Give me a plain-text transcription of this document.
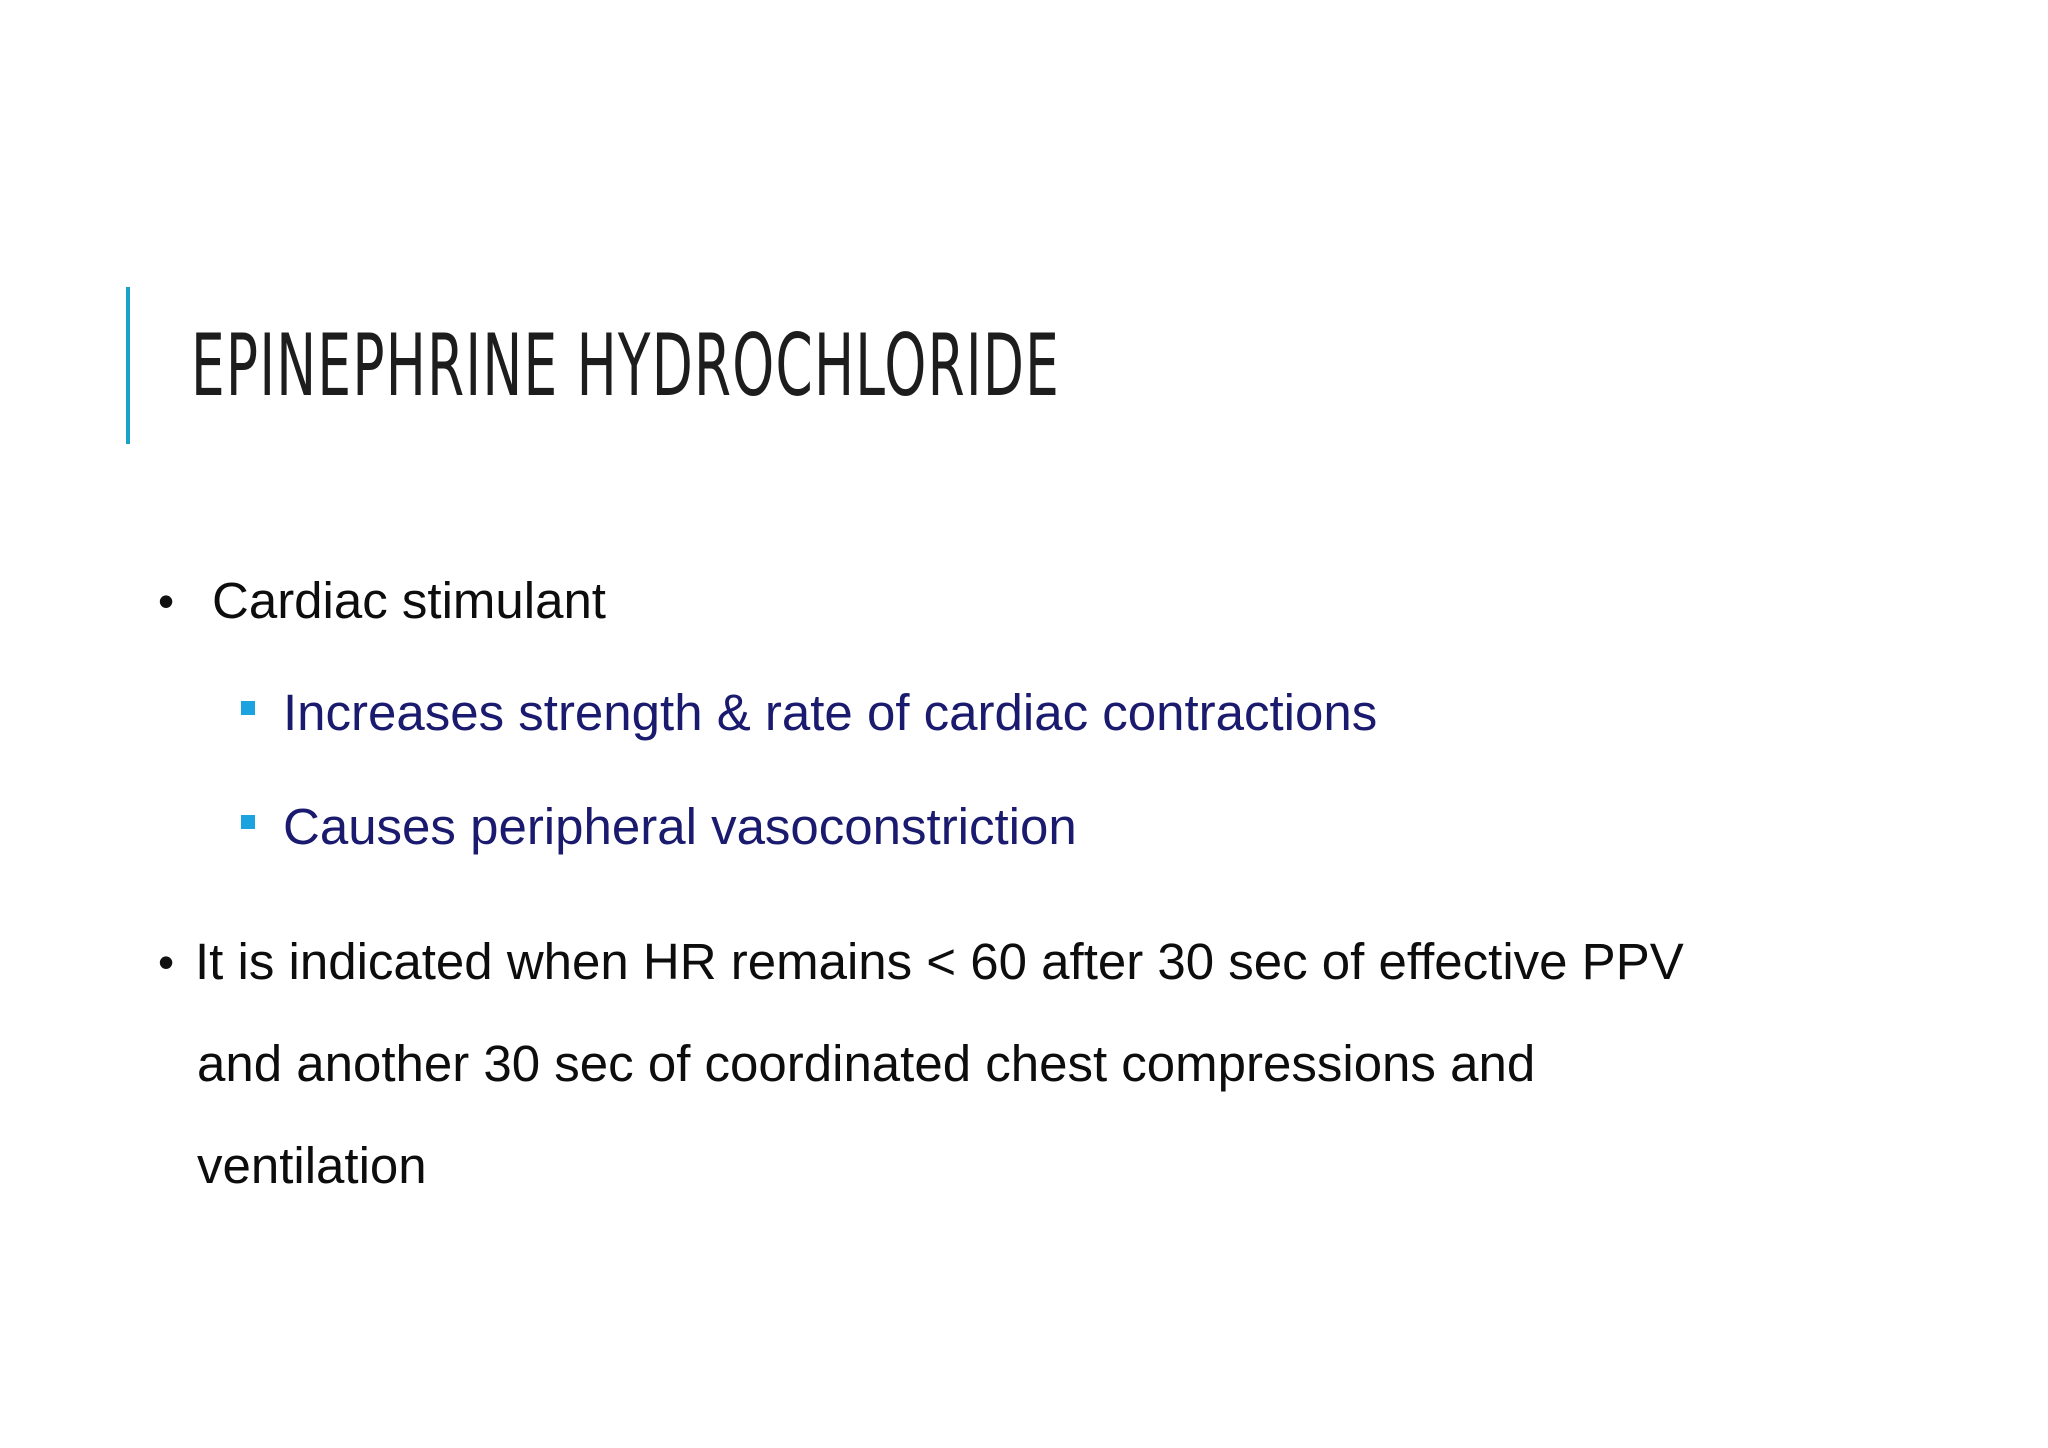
EPINEPHRINE HYDROCHLORIDE
• Cardiac stimulant
Increases strength & rate of cardiac contractions
Causes peripheral vasoconstriction
• It is indicated when HR remains < 60 after 30 sec of effective PPV
and another 30 sec of coordinated chest compressions and
ventilation
